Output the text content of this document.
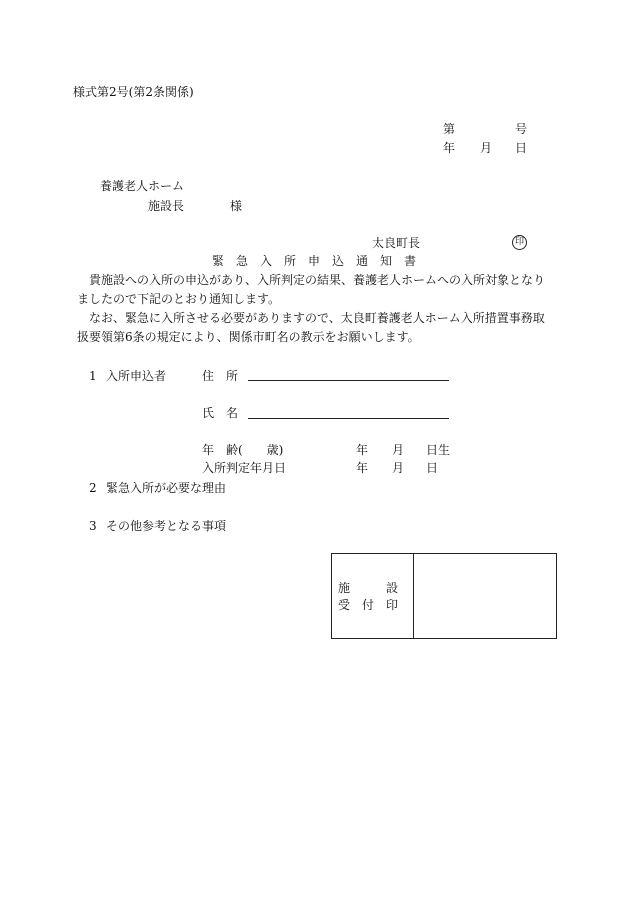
様式第2号(第2条関係)
第	号
年 月 日
養護老人ホーム
施設長	様
太良町長	印
緊　急　入　所　申　込　通　知　書
貴施設への入所の申込があり、入所判定の結果、養護老人ホームへの入所対象となり
ましたので下記のとおり通知します。
なお、緊急に入所させる必要がありますので、太良町養護老人ホーム入所措置事務取
扱要領第6条の規定により、関係市町名の教示をお願いします。
1 入所申込者	住　所
氏　名
年　齢(　　歳)	年 月 日生
入所判定年月日	年 月 日
2 緊急入所が必要な理由
3 その他参考となる事項
施　　　設
受　付　印
